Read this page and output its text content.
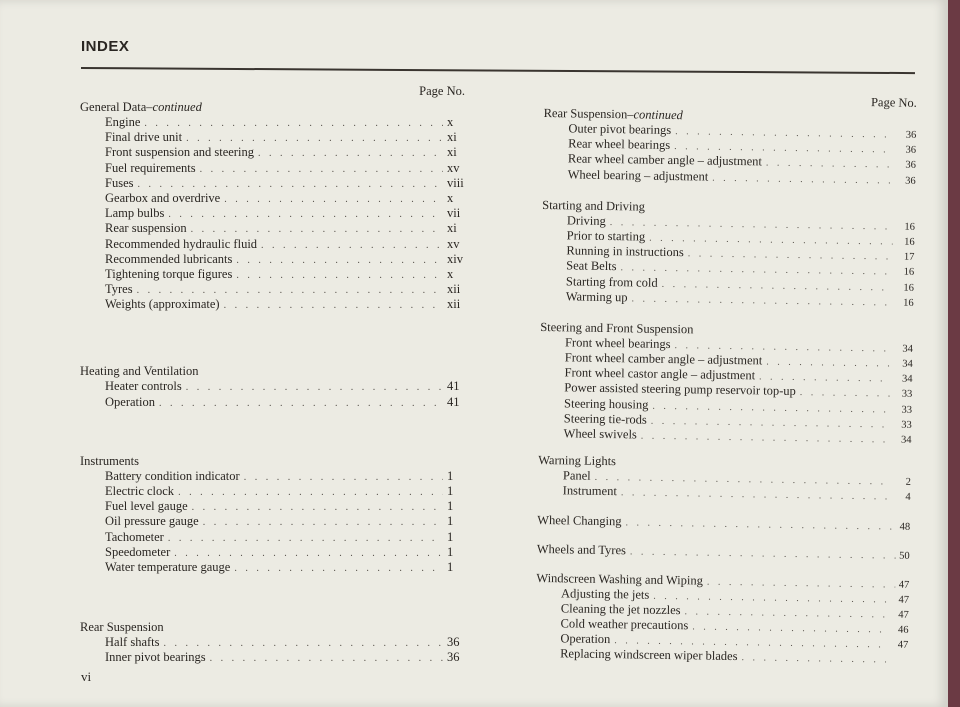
INDEX
Page No.
General Data–continued
Engine . . .	x
Final drive unit . . .	xi
Front suspension and steering . . .	xi
Fuel requirements . . .	xv
Fuses . . .	viii
Gearbox and overdrive . . .	x
Lamp bulbs . . .	vii
Rear suspension . . .	xi
Recommended hydraulic fluid . . .	xv
Recommended lubricants . . .	xiv
Tightening torque figures . . .	x
Tyres . . .	xii
Weights (approximate) . . .	xii
Heating and Ventilation
Heater controls . . .	41
Operation . . .	41
Instruments
Battery condition indicator . . .	1
Electric clock . . .	1
Fuel level gauge . . .	1
Oil pressure gauge . . .	1
Tachometer . . .	1
Speedometer . . .	1
Water temperature gauge . . .	1
Rear Suspension
Half shafts . . .	36
Inner pivot bearings . . .	36
Page No.
Rear Suspension–continued
Outer pivot bearings . . .	36
Rear wheel bearings . . .	36
Rear wheel camber angle – adjustment . . .	36
Wheel bearing – adjustment . . .	36
Starting and Driving
Driving . . .	16
Prior to starting . . .	16
Running in instructions . . .	17
Seat Belts . . .	16
Starting from cold . . .	16
Warming up . . .	16
Steering and Front Suspension
Front wheel bearings . . .	34
Front wheel camber angle – adjustment . . .	34
Front wheel castor angle – adjustment . . .	34
Power assisted steering pump reservoir top-up . . .	33
Steering housing . . .	33
Steering tie-rods . . .	33
Wheel swivels . . .	34
Warning Lights
Panel . . .	2
Instrument . . .	4
Wheel Changing . . .	48
Wheels and Tyres . . .	50
Windscreen Washing and Wiping . . .	47
Adjusting the jets . . .	47
Cleaning the jet nozzles . . .	47
Cold weather precautions . . .	46
Operation . . .	47
Replacing windscreen wiper blades
. . .
vi
